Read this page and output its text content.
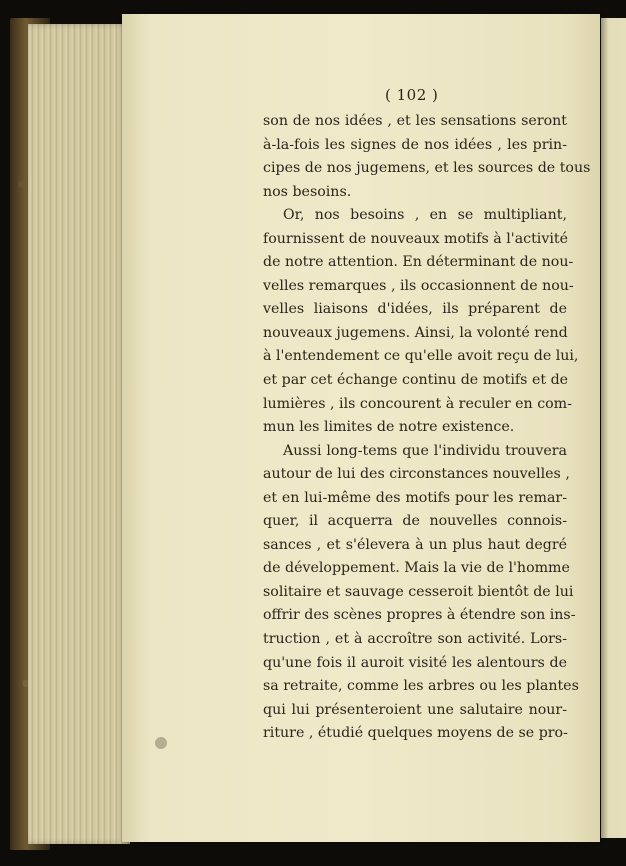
( 102 )
son de nos idées , et les sensations seront
à-la-fois les signes de nos idées , les prin-
cipes de nos jugemens, et les sources de tous
nos besoins.
Or, nos besoins , en se multipliant,
fournissent de nouveaux motifs à l'activité
de notre attention. En déterminant de nou-
velles remarques , ils occasionnent de nou-
velles liaisons d'idées, ils préparent de
nouveaux jugemens. Ainsi, la volonté rend
à l'entendement ce qu'elle avoit reçu de lui,
et par cet échange continu de motifs et de
lumières , ils concourent à reculer en com-
mun les limites de notre existence.
Aussi long-tems que l'individu trouvera
autour de lui des circonstances nouvelles ,
et en lui-même des motifs pour les remar-
quer, il acquerra de nouvelles connois-
sances , et s'élevera à un plus haut degré
de développement. Mais la vie de l'homme
solitaire et sauvage cesseroit bientôt de lui
offrir des scènes propres à étendre son ins-
truction , et à accroître son activité. Lors-
qu'une fois il auroit visité les alentours de
sa retraite, comme les arbres ou les plantes
qui lui présenteroient une salutaire nour-
riture , étudié quelques moyens de se pro-
